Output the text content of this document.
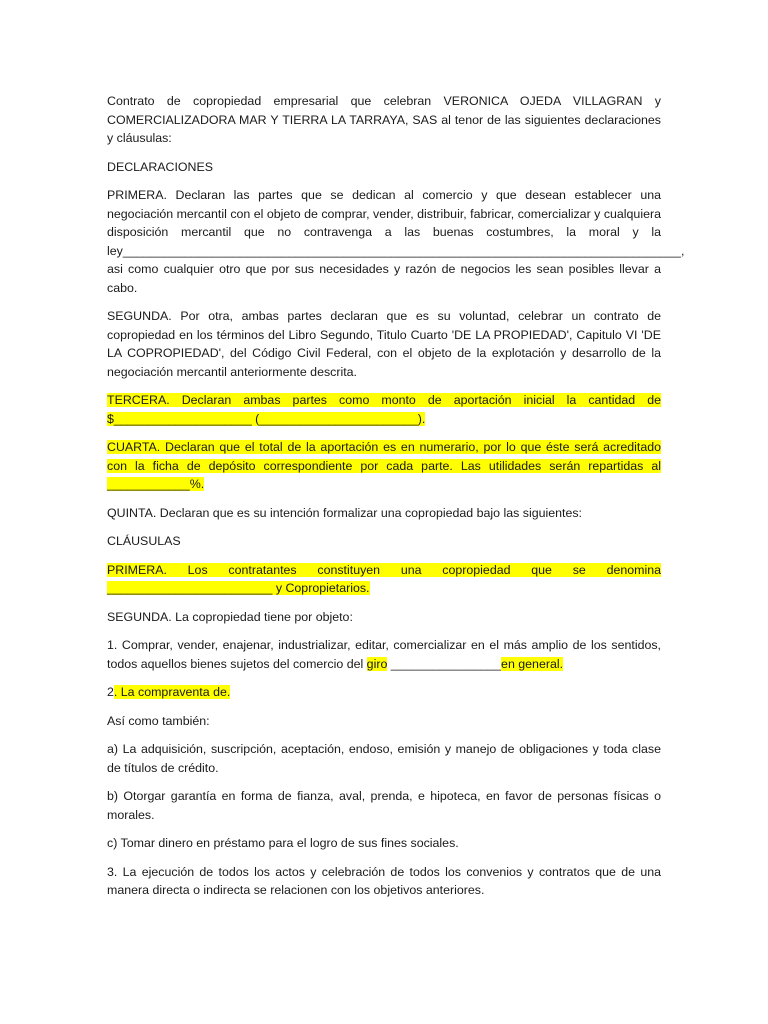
Contrato de copropiedad empresarial que celebran VERONICA OJEDA VILLAGRAN y COMERCIALIZADORA MAR Y TIERRA LA TARRAYA, SAS al tenor de las siguientes declaraciones y cláusulas:

DECLARACIONES

PRIMERA. Declaran las partes que se dedican al comercio y que desean establecer una negociación mercantil con el objeto de comprar, vender, distribuir, fabricar, comercializar y cualquiera disposición mercantil que no contravenga a las buenas costumbres, la moral y la ley_________________________________________________________________________________, asi como cualquier otro que por sus necesidades y razón de negocios les sean posibles llevar a cabo.

SEGUNDA. Por otra, ambas partes declaran que es su voluntad, celebrar un contrato de copropiedad en los términos del Libro Segundo, Titulo Cuarto 'DE LA PROPIEDAD', Capitulo VI 'DE LA COPROPIEDAD', del Código Civil Federal, con el objeto de la explotación y desarrollo de la negociación mercantil anteriormente descrita.

TERCERA. Declaran ambas partes como monto de aportación inicial la cantidad de $____________________ (_______________________).

CUARTA. Declaran que el total de la aportación es en numerario, por lo que éste será acreditado con la ficha de depósito correspondiente por cada parte. Las utilidades serán repartidas al ____________%.

QUINTA. Declaran que es su intención formalizar una copropiedad bajo las siguientes:

CLÁUSULAS

PRIMERA. Los contratantes constituyen una copropiedad que se denomina ________________________ y Copropietarios.

SEGUNDA. La copropiedad tiene por objeto:

1. Comprar, vender, enajenar, industrializar, editar, comercializar en el más amplio de los sentidos, todos aquellos bienes sujetos del comercio del giro ________________en general.

2. La compraventa de.

Así como también:

a) La adquisición, suscripción, aceptación, endoso, emisión y manejo de obligaciones y toda clase de títulos de crédito.

b) Otorgar garantía en forma de fianza, aval, prenda, e hipoteca, en favor de personas físicas o morales.

c) Tomar dinero en préstamo para el logro de sus fines sociales.

3. La ejecución de todos los actos y celebración de todos los convenios y contratos que de una manera directa o indirecta se relacionen con los objetivos anteriores.
